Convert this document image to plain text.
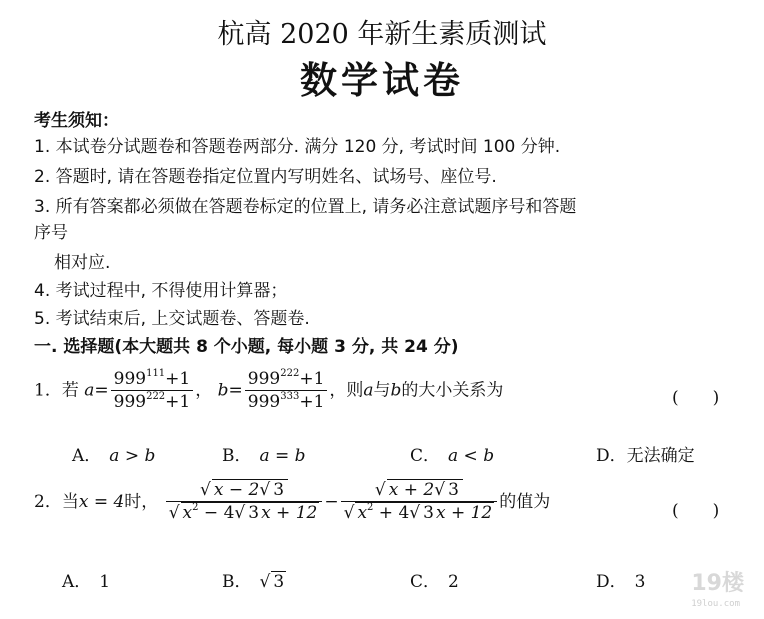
杭高 2020 年新生素质测试
数学试卷
考生须知：
1. 本试卷分试题卷和答题卷两部分. 满分 120 分, 考试时间 100 分钟.
2. 答题时, 请在答题卷指定位置内写明姓名、试场号、座位号.
3. 所有答案都必须做在答题卷标定的位置上, 请务必注意试题序号和答题
序号
相对应.
4. 考试过程中, 不得使用计算器；
5. 考试结束后, 上交试题卷、答题卷.
一. 选择题(本大题共 8 个小题, 每小题 3 分, 共 24 分)
1．若 $a= \frac{999^{111}+1}{999^{222}+1}$ ， $b= \frac{999^{222}+1}{999^{333}+1}$ ，则a与b的大小关系为	(　　)
A． a > b	B． a = b	C． a < b	D．无法确定
2．当x = 4时， $\frac{√ x - 2√ 3}{√ x^2 - 4√ 3 x + 12} - \frac{√ x + 2√ 3}{√ x^2 + 4√ 3 x + 12}$ 的值为	(　　)
A． 1	B． √ 3	C． 2	D． 3 19楼
19lou.com
